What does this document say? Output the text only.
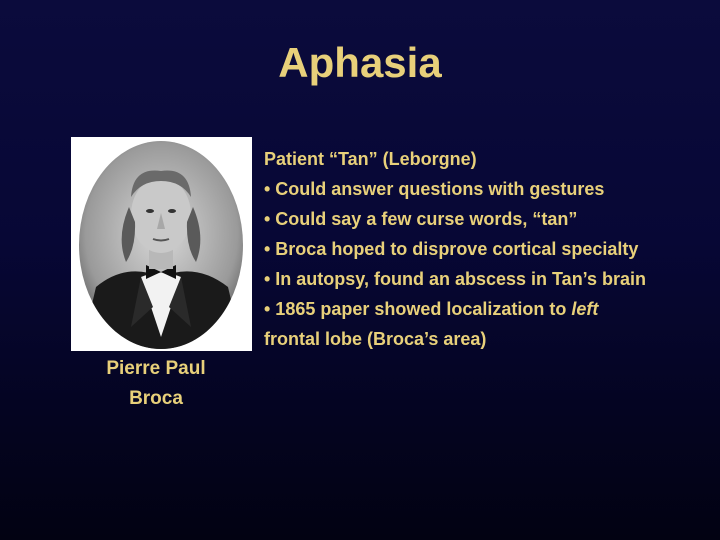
Aphasia
Pierre Paul
Broca
Patient “Tan” (Leborgne)
• Could answer questions with gestures
• Could say a few curse words, “tan”
• Broca hoped to disprove cortical specialty
• In autopsy, found an abscess in Tan’s brain
• 1865 paper showed localization to left
frontal lobe (Broca’s area)
